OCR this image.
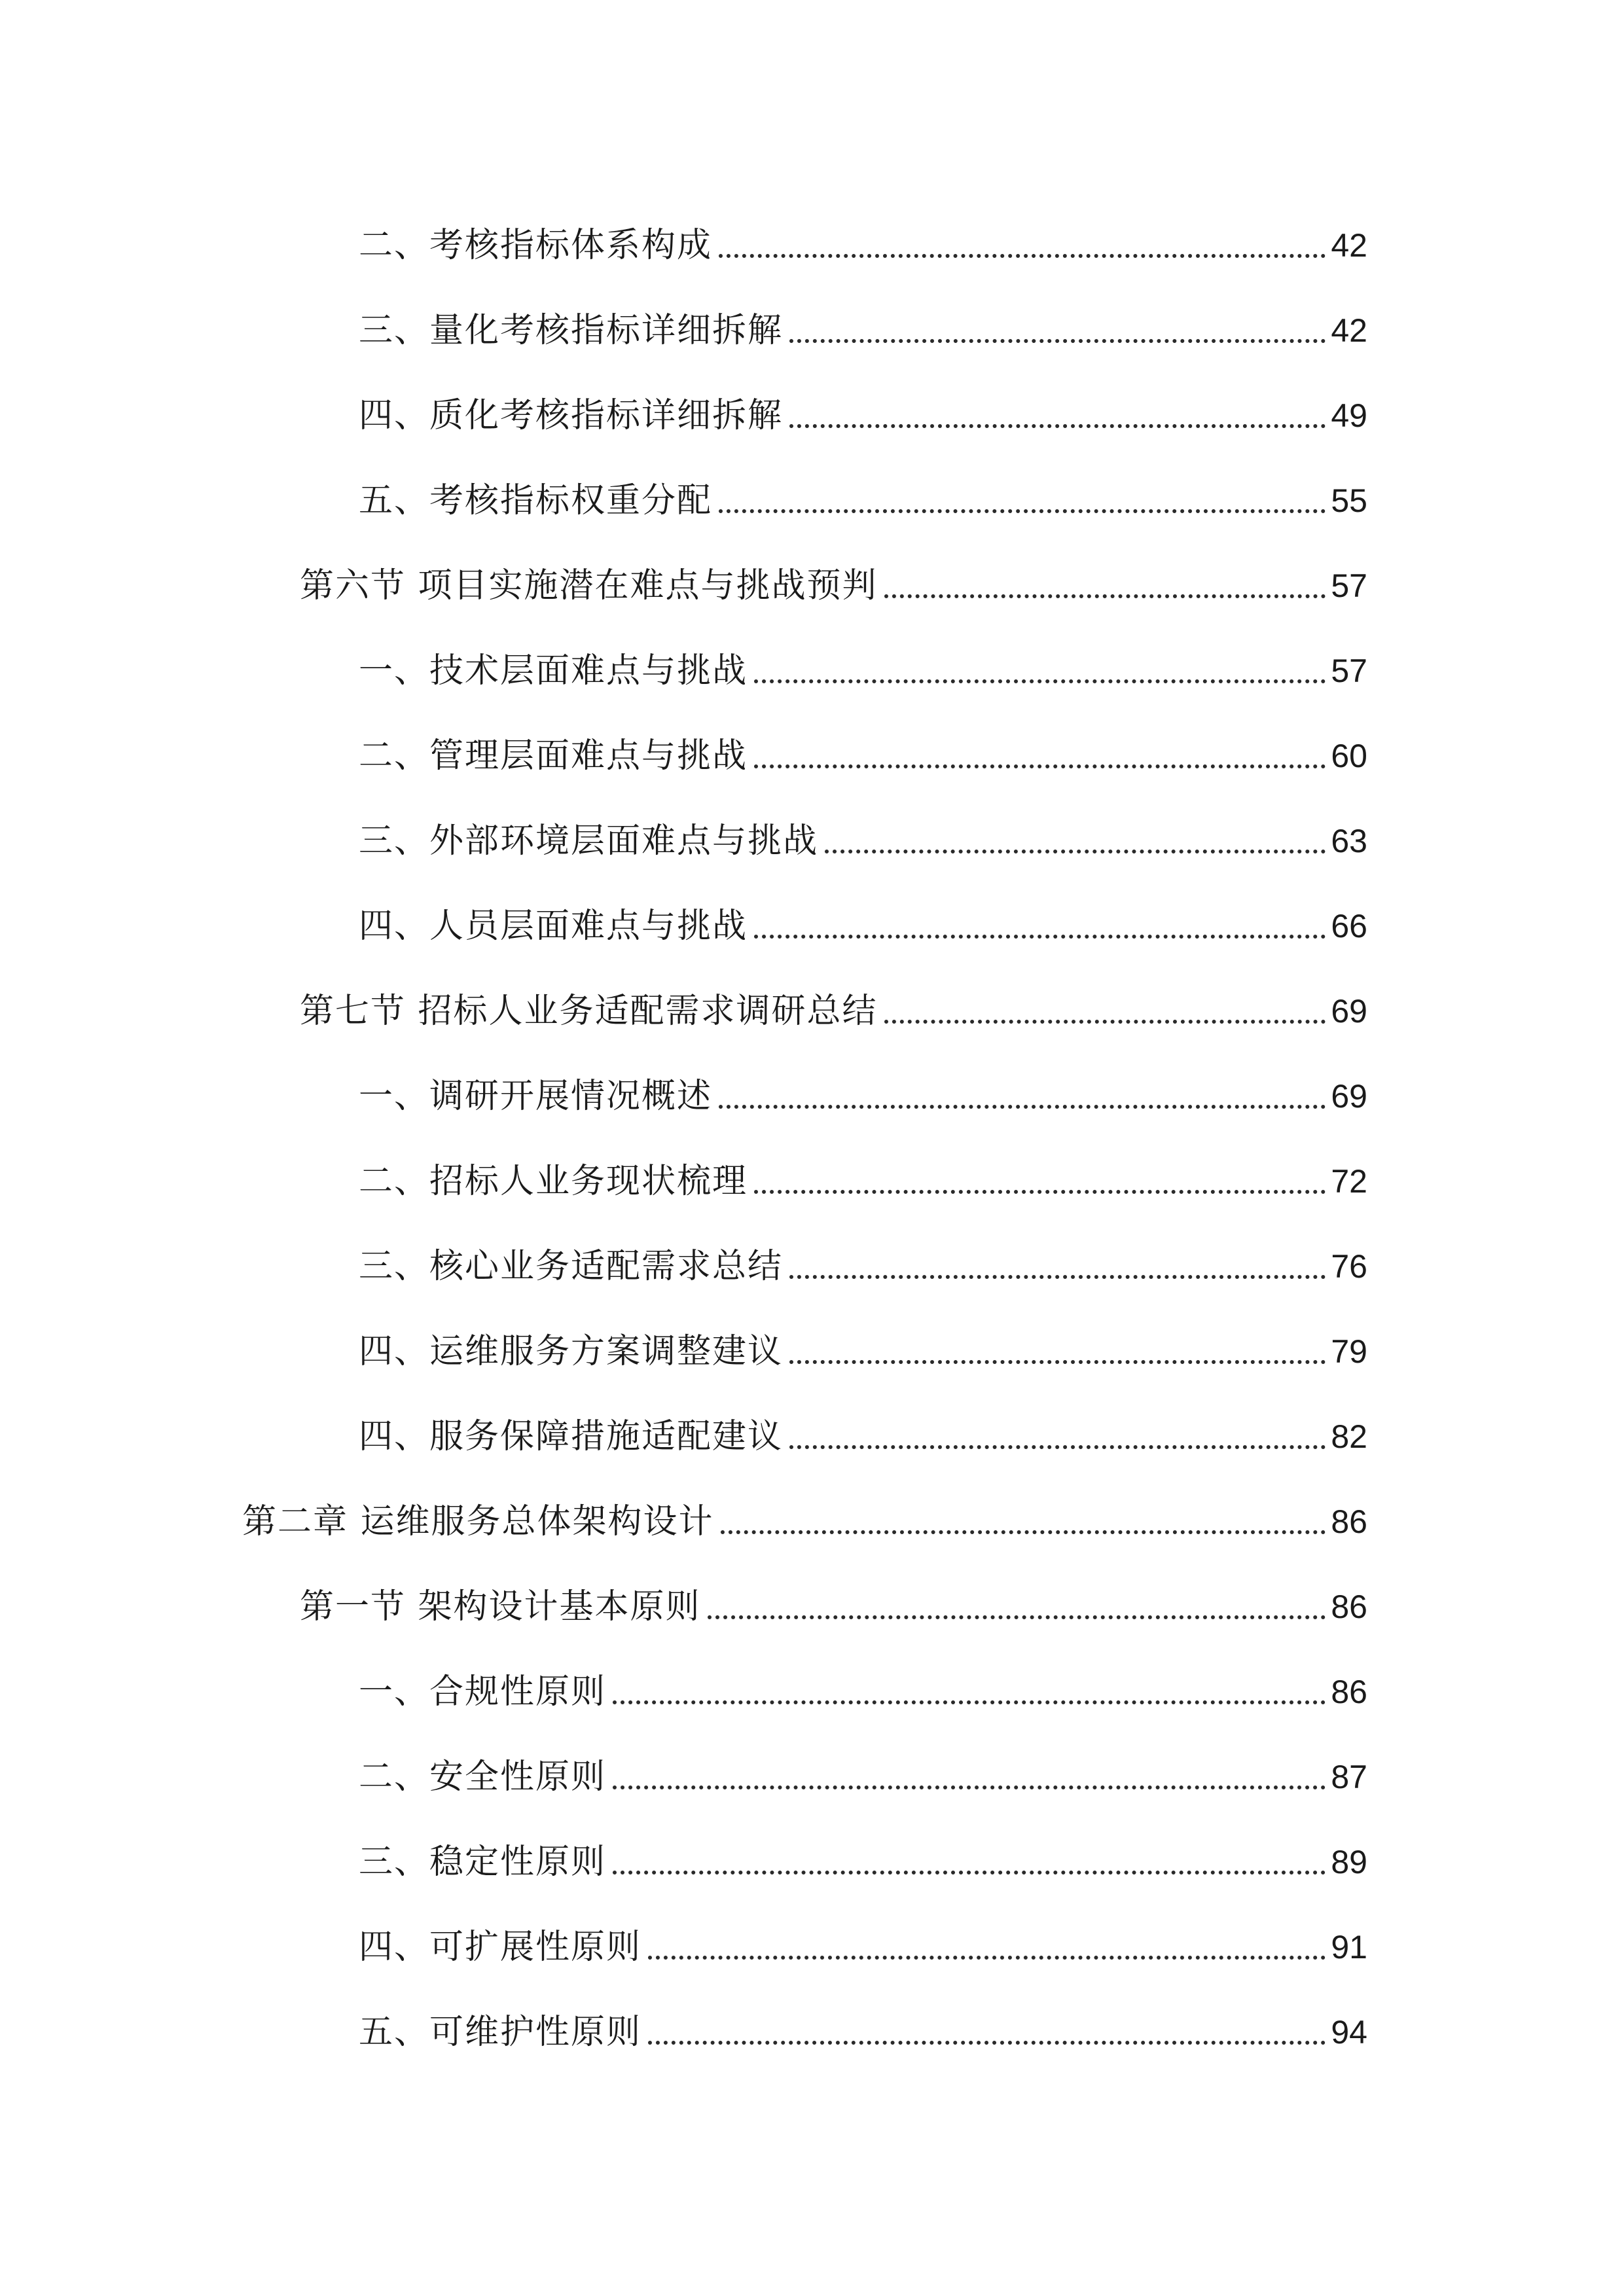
二、考核指标体系构成	42
三、量化考核指标详细拆解	42
四、质化考核指标详细拆解	49
五、考核指标权重分配	55
第六节 项目实施潜在难点与挑战预判	57
一、技术层面难点与挑战	57
二、管理层面难点与挑战	60
三、外部环境层面难点与挑战	63
四、人员层面难点与挑战	66
第七节 招标人业务适配需求调研总结	69
一、调研开展情况概述	69
二、招标人业务现状梳理	72
三、核心业务适配需求总结	76
四、运维服务方案调整建议	79
四、服务保障措施适配建议	82
第二章 运维服务总体架构设计	86
第一节 架构设计基本原则	86
一、合规性原则	86
二、安全性原则	87
三、稳定性原则	89
四、可扩展性原则	91
五、可维护性原则	94
